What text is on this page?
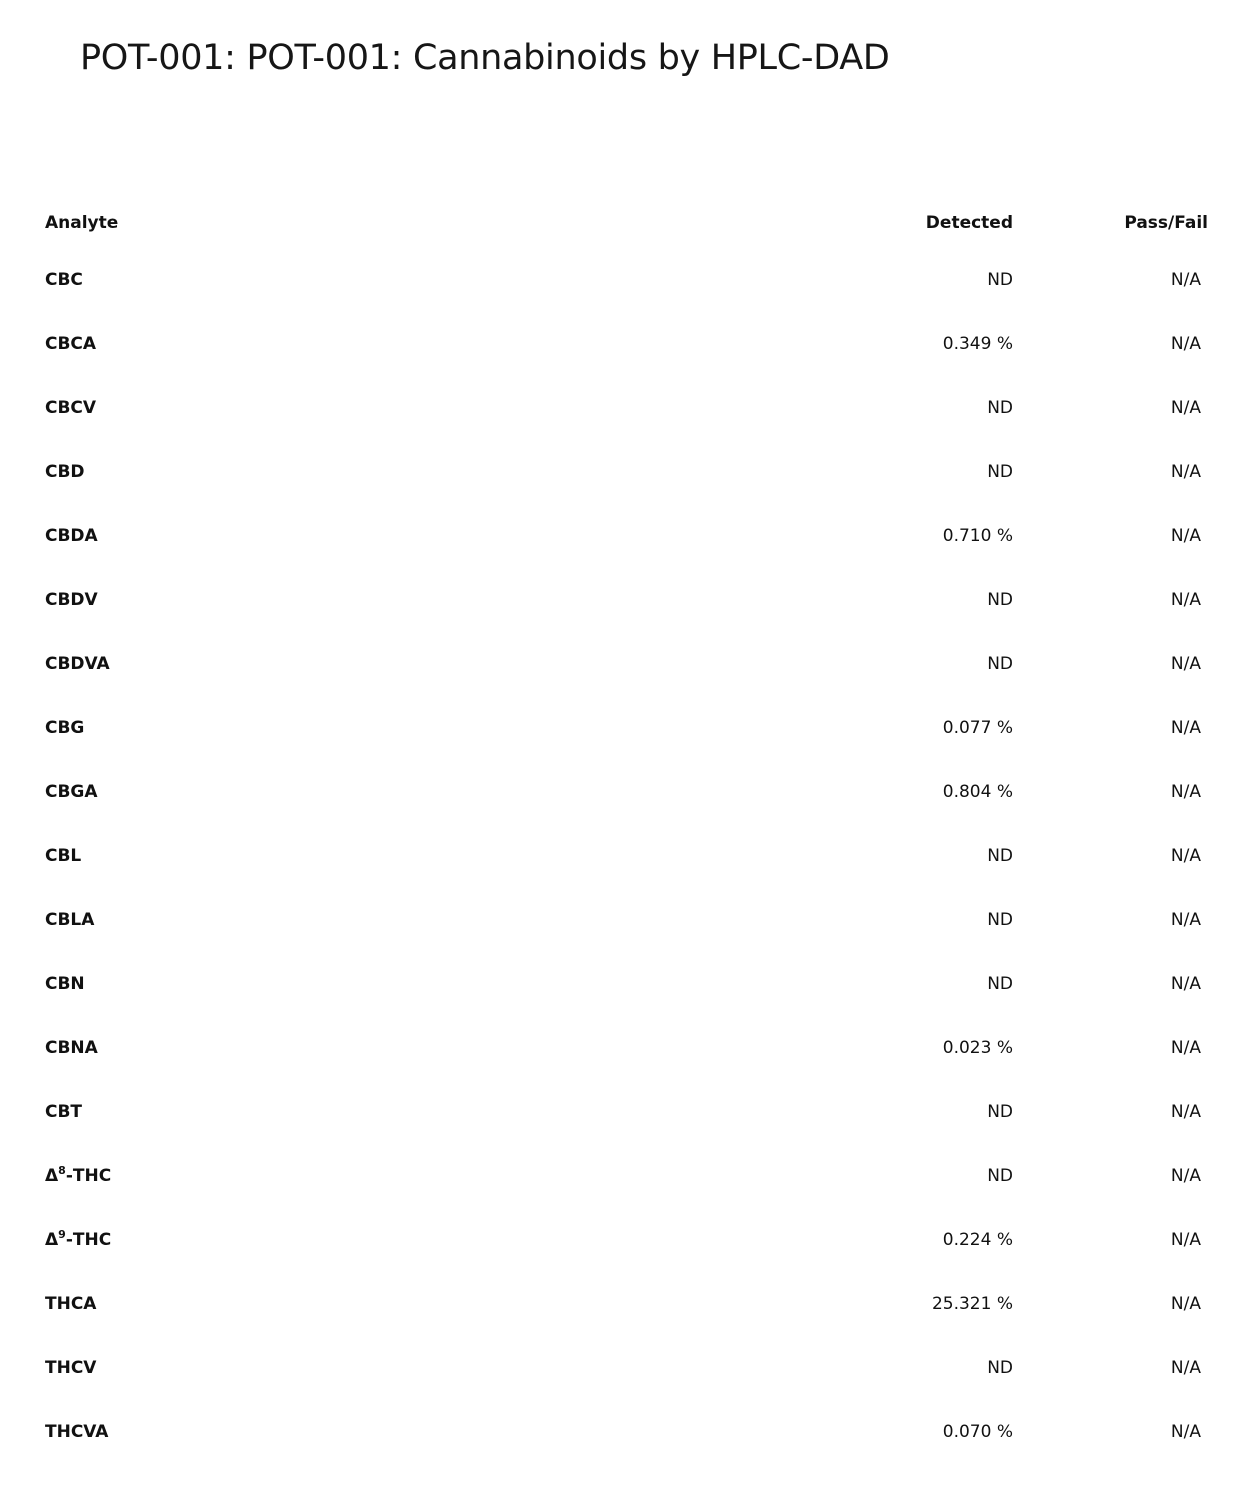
POT-001: POT-001: Cannabinoids by HPLC-DAD
Analyte	Detected	Pass/Fail
CBC	ND	N/A
CBCA	0.349 %	N/A
CBCV	ND	N/A
CBD	ND	N/A
CBDA	0.710 %	N/A
CBDV	ND	N/A
CBDVA	ND	N/A
CBG	0.077 %	N/A
CBGA	0.804 %	N/A
CBL	ND	N/A
CBLA	ND	N/A
CBN	ND	N/A
CBNA	0.023 %	N/A
CBT	ND	N/A
$\Delta^8$-THC	ND	N/A
$\Delta^9$-THC	0.224 %	N/A
THCA	25.321 %	N/A
THCV	ND	N/A
THCVA	0.070 %	N/A
